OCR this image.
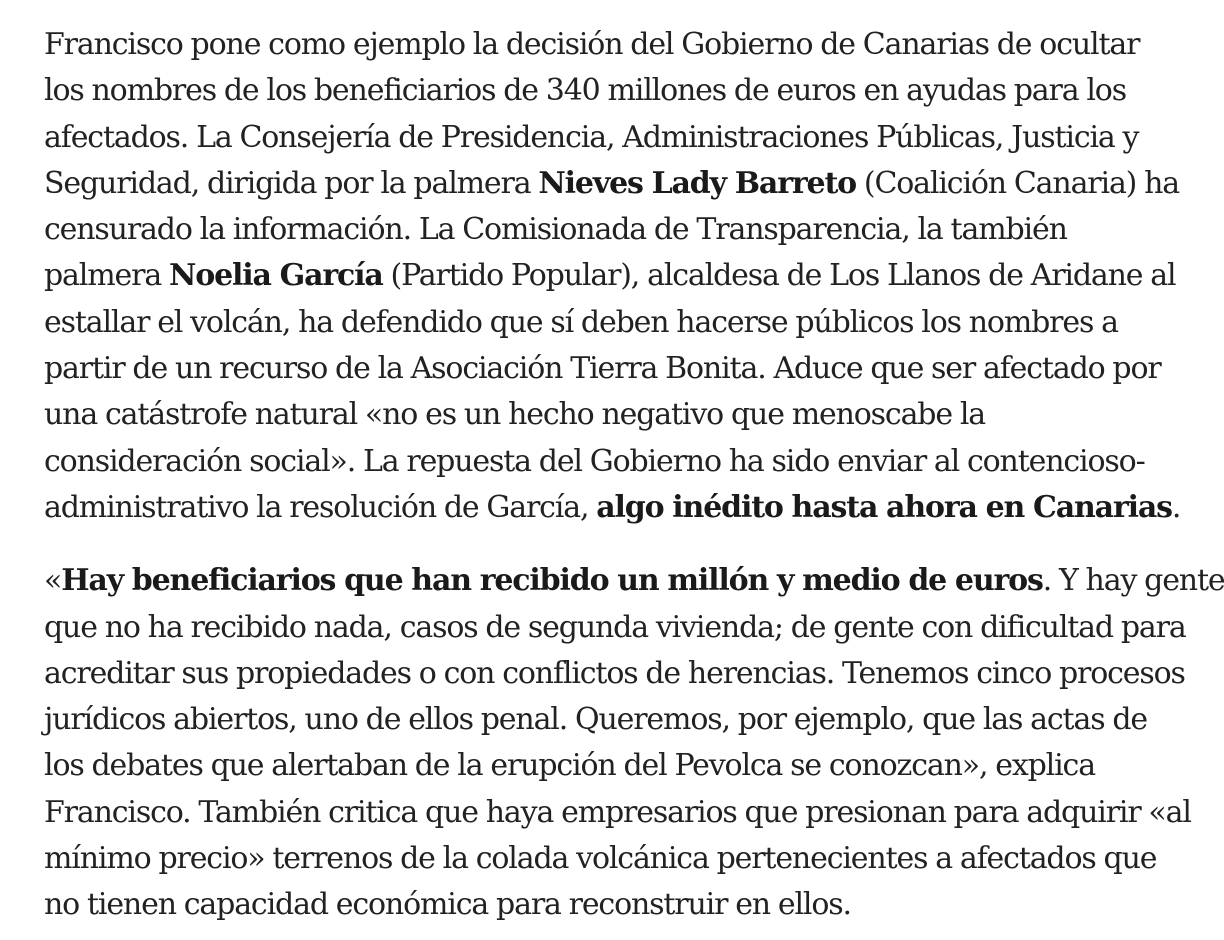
Francisco pone como ejemplo la decisión del Gobierno de Canarias de ocultar
los nombres de los beneficiarios de 340 millones de euros en ayudas para los
afectados. La Consejería de Presidencia, Administraciones Públicas, Justicia y
Seguridad, dirigida por la palmera Nieves Lady Barreto (Coalición Canaria) ha
censurado la información. La Comisionada de Transparencia, la también
palmera Noelia García (Partido Popular), alcaldesa de Los Llanos de Aridane al
estallar el volcán, ha defendido que sí deben hacerse públicos los nombres a
partir de un recurso de la Asociación Tierra Bonita. Aduce que ser afectado por
una catástrofe natural «no es un hecho negativo que menoscabe la
consideración social». La repuesta del Gobierno ha sido enviar al contencioso-
administrativo la resolución de García, algo inédito hasta ahora en Canarias.

«Hay beneficiarios que han recibido un millón y medio de euros. Y hay gente
que no ha recibido nada, casos de segunda vivienda; de gente con dificultad para
acreditar sus propiedades o con conflictos de herencias. Tenemos cinco procesos
jurídicos abiertos, uno de ellos penal. Queremos, por ejemplo, que las actas de
los debates que alertaban de la erupción del Pevolca se conozcan», explica
Francisco. También critica que haya empresarios que presionan para adquirir «al
mínimo precio» terrenos de la colada volcánica pertenecientes a afectados que
no tienen capacidad económica para reconstruir en ellos.
